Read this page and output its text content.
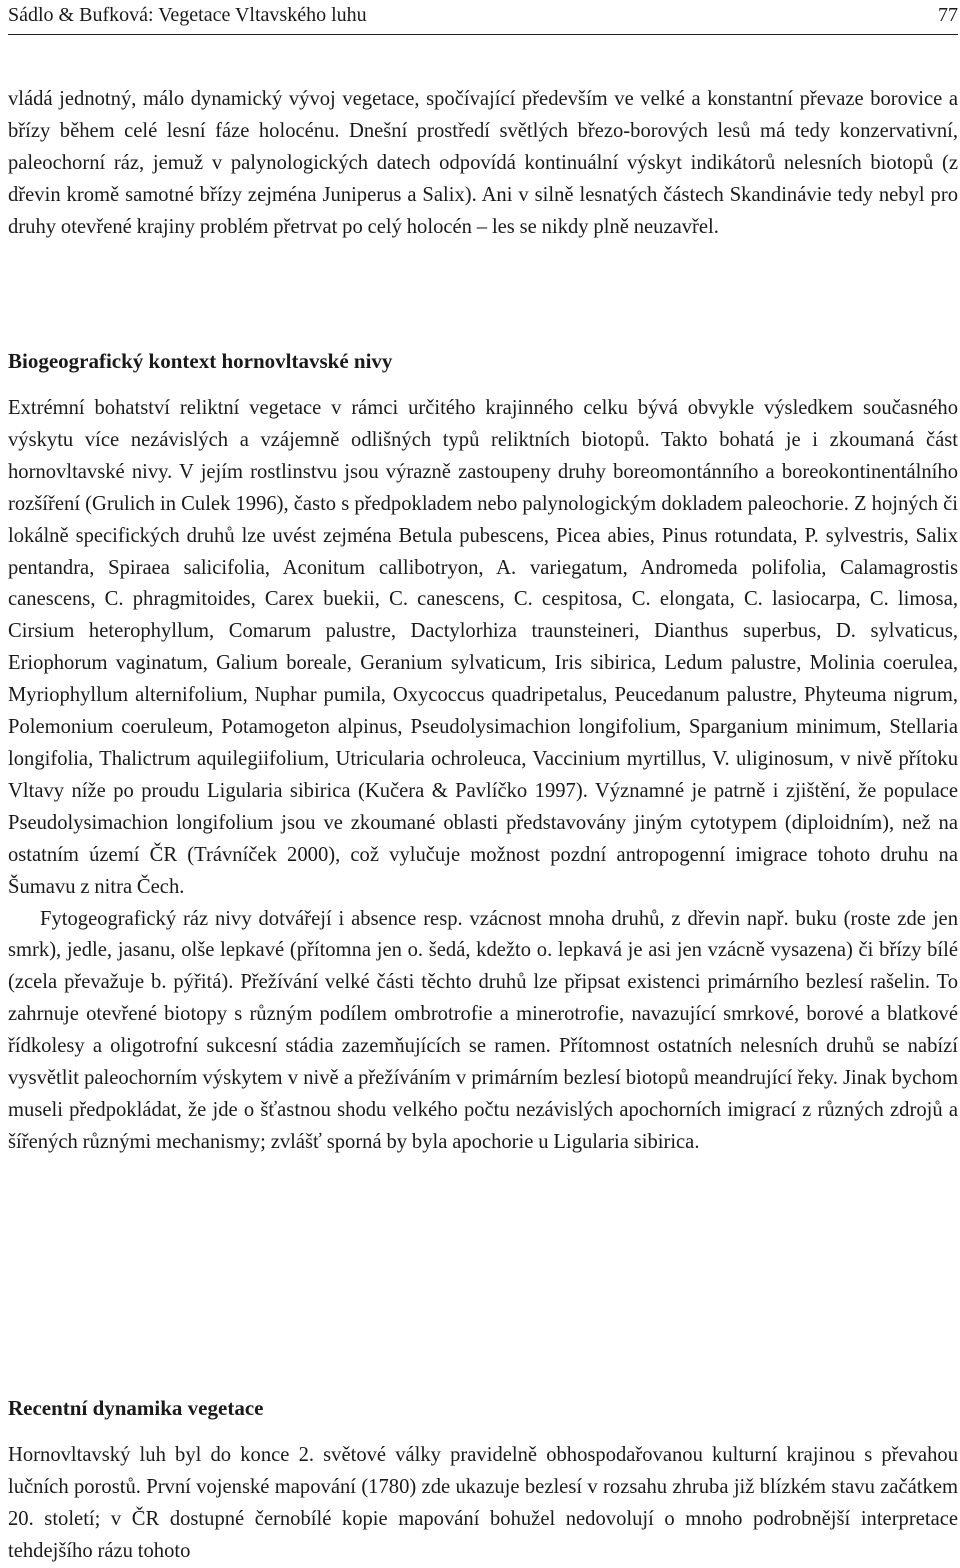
Sádlo & Bufková: Vegetace Vltavského luhu	77

vládá jednotný, málo dynamický vývoj vegetace, spočívající především ve velké a konstantní převaze borovice a břízy během celé lesní fáze holocénu. Dnešní prostředí světlých březo-borových lesů má tedy konzervativní, paleochorní ráz, jemuž v palynologických datech odpovídá kontinuální výskyt indikátorů nelesních biotopů (z dřevin kromě samotné břízy zejména Juniperus a Salix). Ani v silně lesnatých částech Skandinávie tedy nebyl pro druhy otevřené krajiny problém přetrvat po celý holocén – les se nikdy plně neuzavřel.

Biogeografický kontext hornovltavské nivy

Extrémní bohatství reliktní vegetace v rámci určitého krajinného celku bývá obvykle výsledkem současného výskytu více nezávislých a vzájemně odlišných typů reliktních biotopů. Takto bohatá je i zkoumaná část hornovltavské nivy. V jejím rostlinstvu jsou výrazně zastoupeny druhy boreomontánního a boreokontinentálního rozšíření (Grulich in Culek 1996), často s předpokladem nebo palynologickým dokladem paleochorie. Z hojných či lokálně specifických druhů lze uvést zejména Betula pubescens, Picea abies, Pinus rotundata, P. sylvestris, Salix pentandra, Spiraea salicifolia, Aconitum callibotryon, A. variegatum, Andromeda polifolia, Calamagrostis canescens, C. phragmitoides, Carex buekii, C. canescens, C. cespitosa, C. elongata, C. lasiocarpa, C. limosa, Cirsium heterophyllum, Comarum palustre, Dactylorhiza traunsteineri, Dianthus superbus, D. sylvaticus, Eriophorum vaginatum, Galium boreale, Geranium sylvaticum, Iris sibirica, Ledum palustre, Molinia coerulea, Myriophyllum alternifolium, Nuphar pumila, Oxycoccus quadripetalus, Peucedanum palustre, Phyteuma nigrum, Polemonium coeruleum, Potamogeton alpinus, Pseudolysimachion longifolium, Sparganium minimum, Stellaria longifolia, Thalictrum aquilegiifolium, Utricularia ochroleuca, Vaccinium myrtillus, V. uliginosum, v nivě přítoku Vltavy níže po proudu Ligularia sibirica (Kučera & Pavlíčko 1997). Významné je patrně i zjištění, že populace Pseudolysimachion longifolium jsou ve zkoumané oblasti představovány jiným cytotypem (diploidním), než na ostatním území ČR (Trávníček 2000), což vylučuje možnost pozdní antropogenní imigrace tohoto druhu na Šumavu z nitra Čech.

Fytogeografický ráz nivy dotvářejí i absence resp. vzácnost mnoha druhů, z dřevin např. buku (roste zde jen smrk), jedle, jasanu, olše lepkavé (přítomna jen o. šedá, kdežto o. lepkavá je asi jen vzácně vysazena) či břízy bílé (zcela převažuje b. pýřitá). Přežívání velké části těchto druhů lze připsat existenci primárního bezlesí rašelin. To zahrnuje otevřené biotopy s různým podílem ombrotrofie a minerotrofie, navazující smrkové, borové a blatkové řídkolesy a oligotrofní sukcesní stádia zazemňujících se ramen. Přítomnost ostatních nelesních druhů se nabízí vysvětlit paleochorním výskytem v nivě a přežíváním v primárním bezlesí biotopů meandrující řeky. Jinak bychom museli předpokládat, že jde o šťastnou shodu velkého počtu nezávislých apochorních imigrací z různých zdrojů a šířených různými mechanismy; zvlášť sporná by byla apochorie u Ligularia sibirica.

Recentní dynamika vegetace

Hornovltavský luh byl do konce 2. světové války pravidelně obhospodařovanou kulturní krajinou s převahou lučních porostů. První vojenské mapování (1780) zde ukazuje bezlesí v rozsahu zhruba již blízkém stavu začátkem 20. století; v ČR dostupné černobílé kopie mapování bohužel nedovolují o mnoho podrobnější interpretace tehdejšího rázu tohoto
